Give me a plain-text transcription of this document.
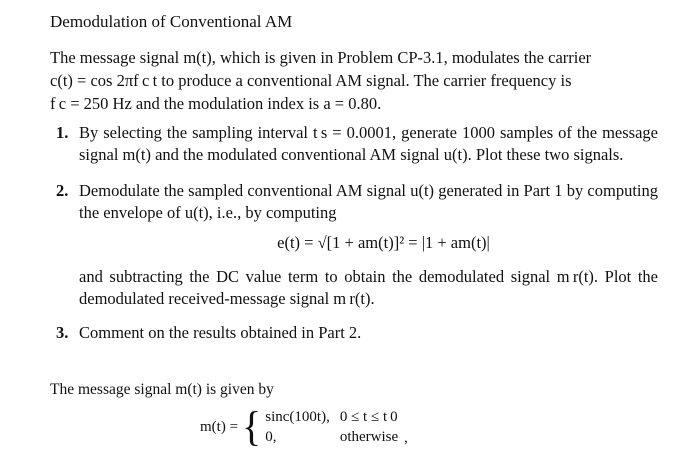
Demodulation of Conventional AM
The message signal m(t), which is given in Problem CP-3.1, modulates the carrier
c(t) = cos 2πf c t to produce a conventional AM signal. The carrier frequency is
f c = 250 Hz and the modulation index is a = 0.80.
1. By selecting the sampling interval t s = 0.0001, generate 1000 samples of the message signal m(t) and the modulated conventional AM signal u(t). Plot these two signals.
2. Demodulate the sampled conventional AM signal u(t) generated in Part 1 by computing the envelope of u(t), i.e., by computing
e(t) = √[1 + am(t)]² = |1 + am(t)|
and subtracting the DC value term to obtain the demodulated signal m r(t). Plot the demodulated received-message signal m r(t).
3. Comment on the results obtained in Part 2.
The message signal m(t) is given by
m(t) = { sinc(100t), 0 ≤ t ≤ t 0
0,	otherwise ,
